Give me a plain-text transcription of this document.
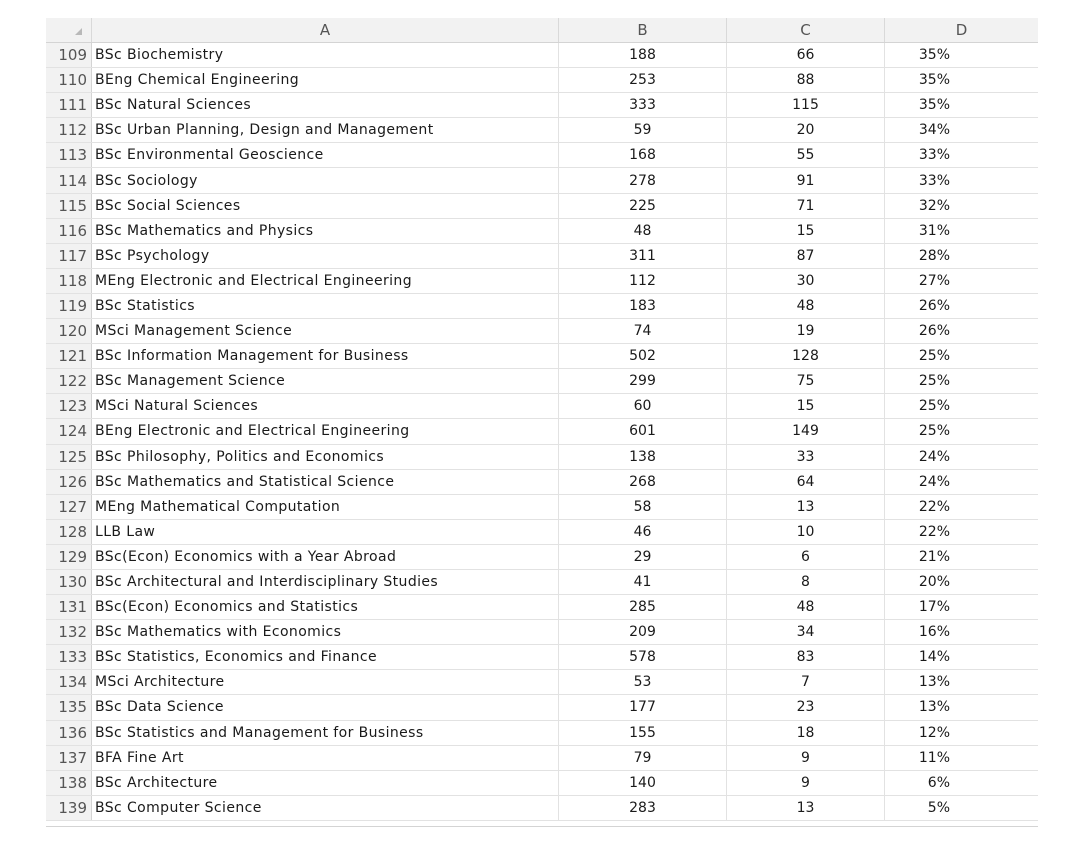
A	B	C	D
109 BSc Biochemistry	188	66	35%
110 BEng Chemical Engineering	253	88	35%
111 BSc Natural Sciences	333	115	35%
112 BSc Urban Planning, Design and Management	59	20	34%
113 BSc Environmental Geoscience	168	55	33%
114 BSc Sociology	278	91	33%
115 BSc Social Sciences	225	71	32%
116 BSc Mathematics and Physics	48	15	31%
117 BSc Psychology	311	87	28%
118 MEng Electronic and Electrical Engineering	112	30	27%
119 BSc Statistics	183	48	26%
120 MSci Management Science	74	19	26%
121 BSc Information Management for Business	502	128	25%
122 BSc Management Science	299	75	25%
123 MSci Natural Sciences	60	15	25%
124 BEng Electronic and Electrical Engineering	601	149	25%
125 BSc Philosophy, Politics and Economics	138	33	24%
126 BSc Mathematics and Statistical Science	268	64	24%
127 MEng Mathematical Computation	58	13	22%
128 LLB Law	46	10	22%
129 BSc(Econ) Economics with a Year Abroad	29	6	21%
130 BSc Architectural and Interdisciplinary Studies	41	8	20%
131 BSc(Econ) Economics and Statistics	285	48	17%
132 BSc Mathematics with Economics	209	34	16%
133 BSc Statistics, Economics and Finance	578	83	14%
134 MSci Architecture	53	7	13%
135 BSc Data Science	177	23	13%
136 BSc Statistics and Management for Business	155	18	12%
137 BFA Fine Art	79	9	11%
138 BSc Architecture	140	9	6%
139 BSc Computer Science	283	13	5%
